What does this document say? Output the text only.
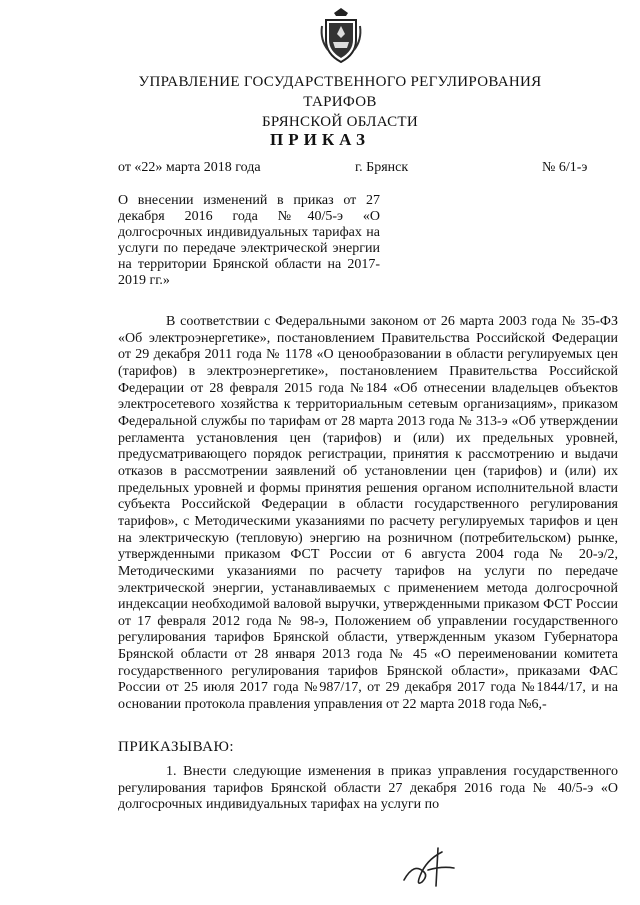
УПРАВЛЕНИЕ ГОСУДАРСТВЕННОГО РЕГУЛИРОВАНИЯ ТАРИФОВ
БРЯНСКОЙ ОБЛАСТИ
ПРИКАЗ
от «22» марта 2018 года	г. Брянск	№ 6/1-э
О внесении изменений в приказ от 27 декабря 2016 года №40/5-э «О долгосрочных индивидуальных тарифах на услуги по передаче электрической энергии на территории Брянской области на 2017-2019 гг.»
В соответствии с Федеральными законом от 26 марта 2003 года № 35-ФЗ «Об электроэнергетике», постановлением Правительства Российской Федерации от 29 декабря 2011 года № 1178 «О ценообразовании в области регулируемых цен (тарифов) в электроэнергетике», постановлением Правительства Российской Федерации от 28 февраля 2015 года №184 «Об отнесении владельцев объектов электросетевого хозяйства к территориальным сетевым организациям», приказом Федеральной службы по тарифам от 28 марта 2013 года № 313-э «Об утверждении регламента установления цен (тарифов) и (или) их предельных уровней, предусматривающего порядок регистрации, принятия к рассмотрению и выдачи отказов в рассмотрении заявлений об установлении цен (тарифов) и (или) их предельных уровней и формы принятия решения органом исполнительной власти субъекта Российской Федерации в области государственного регулирования тарифов», с Методическими указаниями по расчету регулируемых тарифов и цен на электрическую (тепловую) энергию на розничном (потребительском) рынке, утвержденными приказом ФСТ России от 6 августа 2004 года № 20-э/2, Методическими указаниями по расчету тарифов на услуги по передаче электрической энергии, устанавливаемых с применением метода долгосрочной индексации необходимой валовой выручки, утвержденными приказом ФСТ России от 17 февраля 2012 года № 98-э, Положением об управлении государственного регулирования тарифов Брянской области, утвержденным указом Губернатора Брянской области от 28 января 2013 года № 45 «О переименовании комитета государственного регулирования тарифов Брянской области», приказами ФАС России от 25 июля 2017 года №987/17, от 29 декабря 2017 года №1844/17, и на основании протокола правления управления от 22 марта 2018 года №6,-
ПРИКАЗЫВАЮ:
1. Внести следующие изменения в приказ управления государственного регулирования тарифов Брянской области 27 декабря 2016 года № 40/5-э «О долгосрочных индивидуальных тарифах на услуги по
